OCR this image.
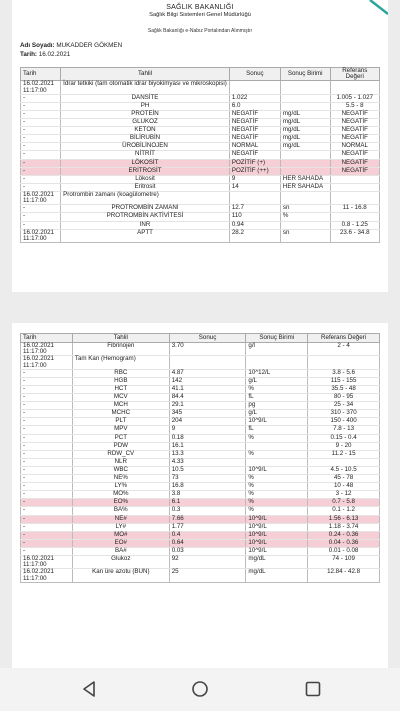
SAĞLIK BAKANLIĞI
Sağlık Bilgi Sistemleri Genel Müdürlüğü
Sağlık Bakanlığı e-Nabız Portalından Alınmıştır
Adı Soyadı: MUKADDER GÖKMEN
Tarih: 16.02.2021
Tarih	Tahlil	Sonuç	Sonuç Birimi	Referans Değeri
16.02.2021
11:17:00	İdrar tetkiki (tam otomatik idrar biyokimyası ve mikroskopisi)			
-	DANSİTE	1.022		1.005 - 1.027
-	PH	6.0		5.5 - 8
-	PROTEİN	NEGATİF	mg/dL	NEGATİF
-	GLUKOZ	NEGATİF	mg/dL	NEGATİF
-	KETON	NEGATİF	mg/dL	NEGATİF
-	BİLİRUBİN	NEGATİF	mg/dL	NEGATİF
-	ÜROBİLİNOJEN	NORMAL	mg/dL	NORMAL
-	NİTRİT	NEGATİF		NEGATİF
-	LÖKOSİT	POZİTİF (+)		NEGATİF
-	ERİTROSİT	POZİTİF (++)		NEGATİF
-	Lökosit	9	HER SAHADA	
-	Eritrosit	14	HER SAHADA	
16.02.2021
11:17:00	Protrombin zamanı (koagülometre)			
-	PROTROMBİN ZAMANI	12.7	sn	11 - 16.8
-	PROTROMBİN AKTİVİTESİ	110	%	
-	INR	0.94		0.8 - 1.25
16.02.2021
11:17:00	APTT	28.2	sn	23.6 - 34.8
Tarih	Tahlil	Sonuç	Sonuç Birimi	Referans Değeri
16.02.2021
11:17:00	Fibrinojen	3.70	g/l	2 - 4
16.02.2021
11:17:00	Tam Kan (Hemogram)			
-	RBC	4.87	10^12/L	3.8 - 5.6
-	HGB	142	g/L	115 - 155
-	HCT	41.1	%	35.5 - 48
-	MCV	84.4	fL	80 - 95
-	MCH	29.1	pg	25 - 34
-	MCHC	345	g/L	310 - 370
-	PLT	204	10^9/L	150 - 400
-	MPV	9	fL	7.8 - 13
-	PCT	0.18	%	0.15 - 0.4
-	PDW	16.1		9 - 20
-	RDW_CV	13.3	%	11.2 - 15
-	NLR	4.33		
-	WBC	10.5	10^9/L	4.5 - 10.5
-	NE%	73	%	45 - 78
-	LY%	16.8	%	10 - 48
-	MO%	3.8	%	3 - 12
-	EO%	6.1	%	0.7 - 5.8
-	BA%	0.3	%	0.1 - 1.2
-	NE#	7.66	10^9/L	1.56 - 6.13
-	LY#	1.77	10^9/L	1.18 - 3.74
-	MO#	0.4	10^9/L	0.24 - 0.36
-	EO#	0.64	10^9/L	0.04 - 0.36
-	BA#	0.03	10^9/L	0.01 - 0.08
16.02.2021
11:17:00	Glukoz	92	mg/dL	74 - 109
16.02.2021
11:17:00	Kan üre azotu (BUN)	25	mg/dL	12.84 - 42.8
